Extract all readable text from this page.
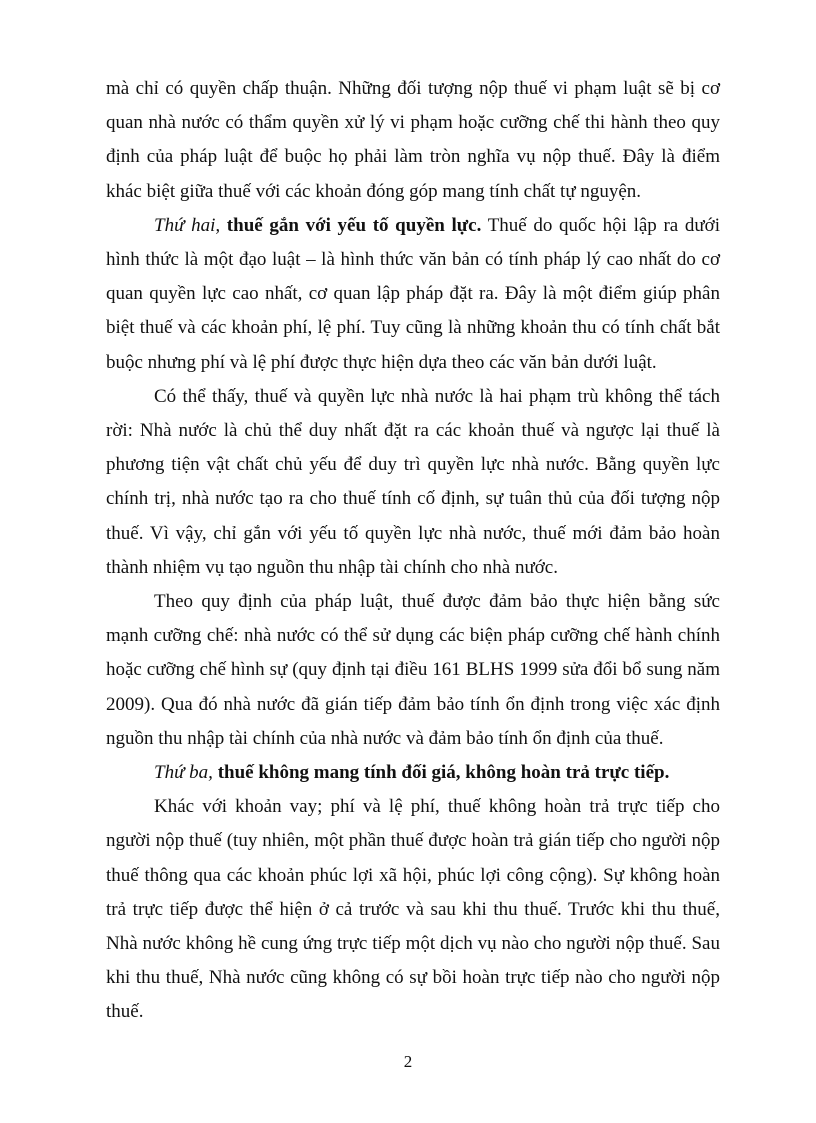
mà chỉ có quyền chấp thuận. Những đối tượng nộp thuế vi phạm luật sẽ bị cơ quan nhà nước có thẩm quyền xử lý vi phạm hoặc cưỡng chế thi hành theo quy định của pháp luật để buộc họ phải làm tròn nghĩa vụ nộp thuế. Đây là điểm khác biệt giữa thuế với các khoản đóng góp mang tính chất tự nguyện.

Thứ hai, thuế gắn với yếu tố quyền lực. Thuế do quốc hội lập ra dưới hình thức là một đạo luật – là hình thức văn bản có tính pháp lý cao nhất do cơ quan quyền lực cao nhất, cơ quan lập pháp đặt ra. Đây là một điểm giúp phân biệt thuế và các khoản phí, lệ phí. Tuy cũng là những khoản thu có tính chất bắt buộc nhưng phí và lệ phí được thực hiện dựa theo các văn bản dưới luật.

Có thể thấy, thuế và quyền lực nhà nước là hai phạm trù không thể tách rời: Nhà nước là chủ thể duy nhất đặt ra các khoản thuế và ngược lại thuế là phương tiện vật chất chủ yếu để duy trì quyền lực nhà nước. Bằng quyền lực chính trị, nhà nước tạo ra cho thuế tính cố định, sự tuân thủ của đối tượng nộp thuế. Vì vậy, chỉ gắn với yếu tố quyền lực nhà nước, thuế mới đảm bảo hoàn thành nhiệm vụ tạo nguồn thu nhập tài chính cho nhà nước.

Theo quy định của pháp luật, thuế được đảm bảo thực hiện bằng sức mạnh cưỡng chế: nhà nước có thể sử dụng các biện pháp cưỡng chế hành chính hoặc cưỡng chế hình sự (quy định tại điều 161 BLHS 1999 sửa đổi bổ sung năm 2009). Qua đó nhà nước đã gián tiếp đảm bảo tính ổn định trong việc xác định nguồn thu nhập tài chính của nhà nước và đảm bảo tính ổn định của thuế.

Thứ ba, thuế không mang tính đối giá, không hoàn trả trực tiếp.

Khác với khoản vay; phí và lệ phí, thuế không hoàn trả trực tiếp cho người nộp thuế (tuy nhiên, một phần thuế được hoàn trả gián tiếp cho người nộp thuế thông qua các khoản phúc lợi xã hội, phúc lợi công cộng). Sự không hoàn trả trực tiếp được thể hiện ở cả trước và sau khi thu thuế. Trước khi thu thuế, Nhà nước không hề cung ứng trực tiếp một dịch vụ nào cho người nộp thuế. Sau khi thu thuế, Nhà nước cũng không có sự bồi hoàn trực tiếp nào cho người nộp thuế.

2
